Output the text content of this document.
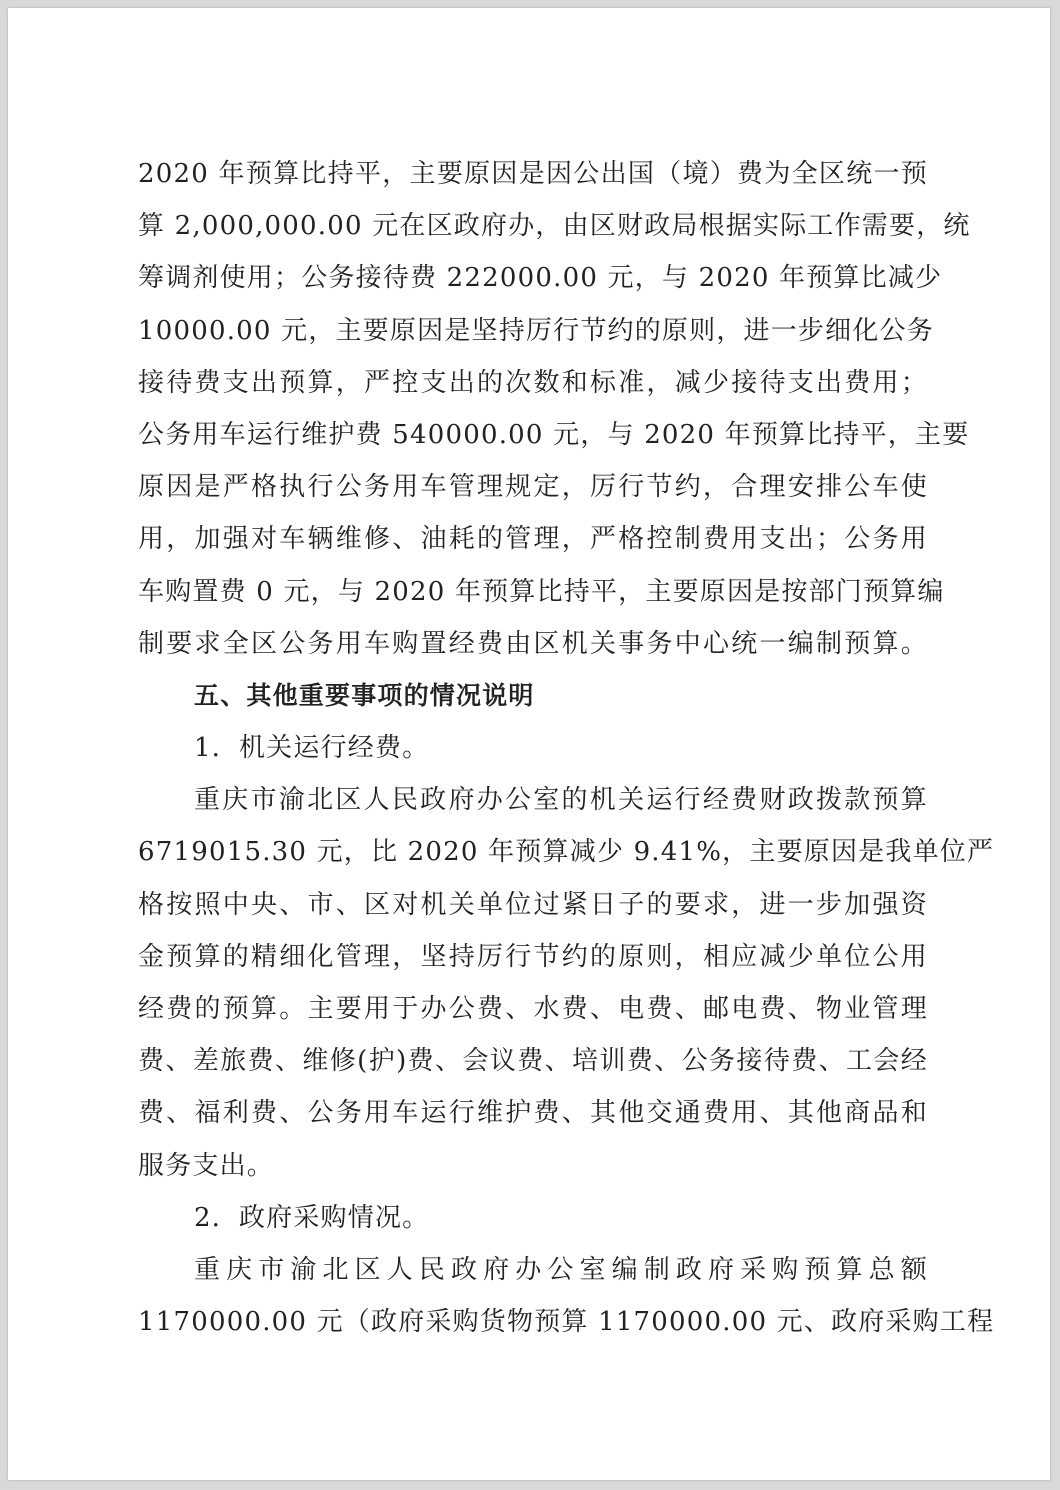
2020 年预算比持平，主要原因是因公出国（境）费为全区统一预
算 2,000,000.00 元在区政府办，由区财政局根据实际工作需要，统
筹调剂使用；公务接待费 222000.00 元，与 2020 年预算比减少
10000.00 元，主要原因是坚持厉行节约的原则，进一步细化公务
接待费支出预算，严控支出的次数和标准，减少接待支出费用；
公务用车运行维护费 540000.00 元，与 2020 年预算比持平，主要
原因是严格执行公务用车管理规定，厉行节约，合理安排公车使
用，加强对车辆维修、油耗的管理，严格控制费用支出；公务用
车购置费 0 元，与 2020 年预算比持平，主要原因是按部门预算编
制要求全区公务用车购置经费由区机关事务中心统一编制预算。
五、其他重要事项的情况说明
1．机关运行经费。
重庆市渝北区人民政府办公室的机关运行经费财政拨款预算
6719015.30 元，比 2020 年预算减少 9.41%，主要原因是我单位严
格按照中央、市、区对机关单位过紧日子的要求，进一步加强资
金预算的精细化管理，坚持厉行节约的原则，相应减少单位公用
经费的预算。主要用于办公费、水费、电费、邮电费、物业管理
费、差旅费、维修(护)费、会议费、培训费、公务接待费、工会经
费、福利费、公务用车运行维护费、其他交通费用、其他商品和
服务支出。
2．政府采购情况。
重庆市渝北区人民政府办公室编制政府采购预算总额
1170000.00 元（政府采购货物预算 1170000.00 元、政府采购工程
